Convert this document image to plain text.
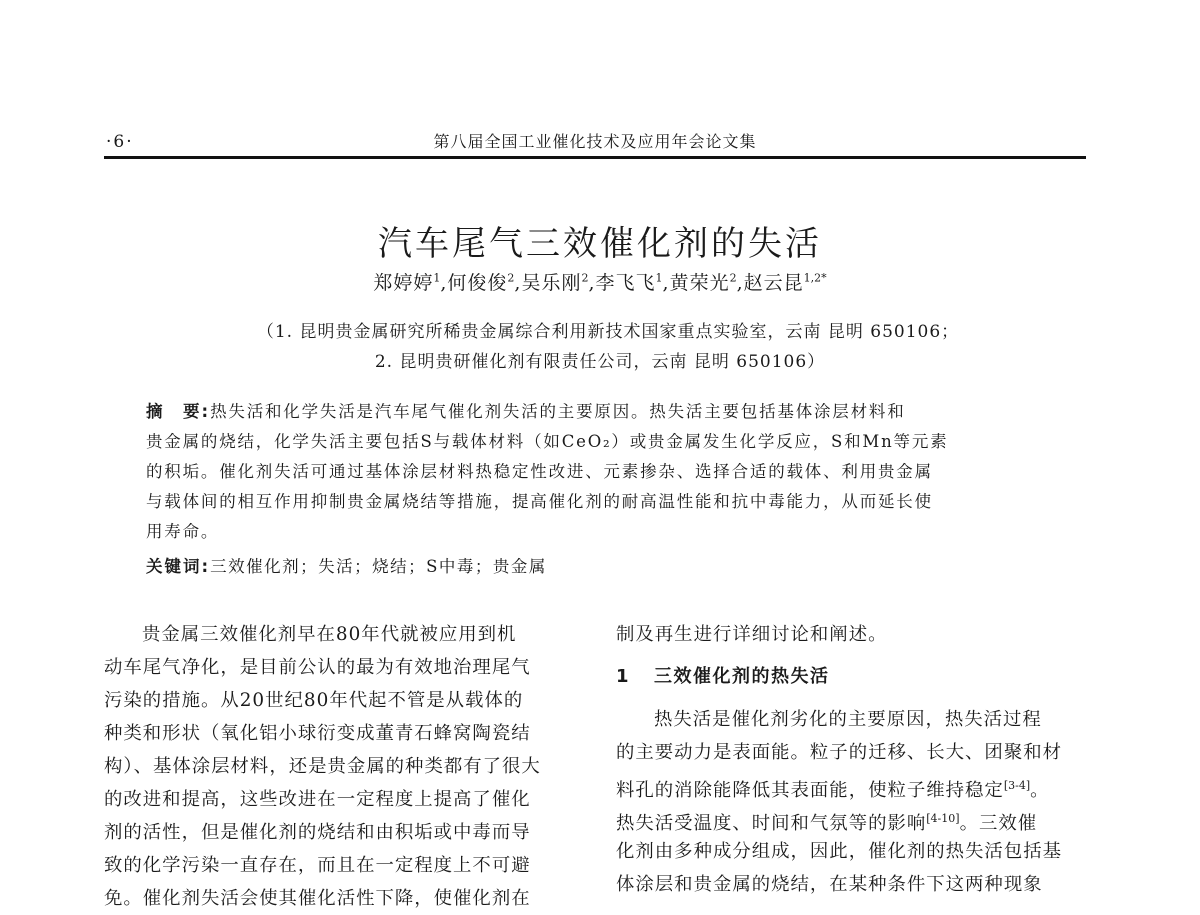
·6·	第八届全国工业催化技术及应用年会论文集
汽车尾气三效催化剂的失活
郑婷婷$^1$,何俊俊$^2$,吴乐刚$^2$,李飞飞$^1$,黄荣光$^2$,赵云昆$^{1,2*}$
（1. 昆明贵金属研究所稀贵金属综合利用新技术国家重点实验室，云南 昆明 650106；
2. 昆明贵研催化剂有限责任公司，云南 昆明 650106）
摘　要:热失活和化学失活是汽车尾气催化剂失活的主要原因。热失活主要包括基体涂层材料和
贵金属的烧结，化学失活主要包括S与载体材料（如CeO₂）或贵金属发生化学反应，S和Mn等元素
的积垢。催化剂失活可通过基体涂层材料热稳定性改进、元素掺杂、选择合适的载体、利用贵金属
与载体间的相互作用抑制贵金属烧结等措施，提高催化剂的耐高温性能和抗中毒能力，从而延长使
用寿命。
关键词:三效催化剂；失活；烧结；S中毒；贵金属
贵金属三效催化剂早在80年代就被应用到机
动车尾气净化，是目前公认的最为有效地治理尾气
污染的措施。从20世纪80年代起不管是从载体的
种类和形状（氧化铝小球衍变成董青石蜂窝陶瓷结
构）、基体涂层材料，还是贵金属的种类都有了很大
的改进和提高，这些改进在一定程度上提高了催化
剂的活性，但是催化剂的烧结和由积垢或中毒而导
致的化学污染一直存在，而且在一定程度上不可避
免。催化剂失活会使其催化活性下降，使催化剂在
制及再生进行详细讨论和阐述。
1 三效催化剂的热失活
热失活是催化剂劣化的主要原因，热失活过程
的主要动力是表面能。粒子的迁移、长大、团聚和材
料孔的消除能降低其表面能，使粒子维持稳定[3-4]。
热失活受温度、时间和气氛等的影响[4-10]。三效催
化剂由多种成分组成，因此，催化剂的热失活包括基
体涂层和贵金属的烧结，在某种条件下这两种现象
